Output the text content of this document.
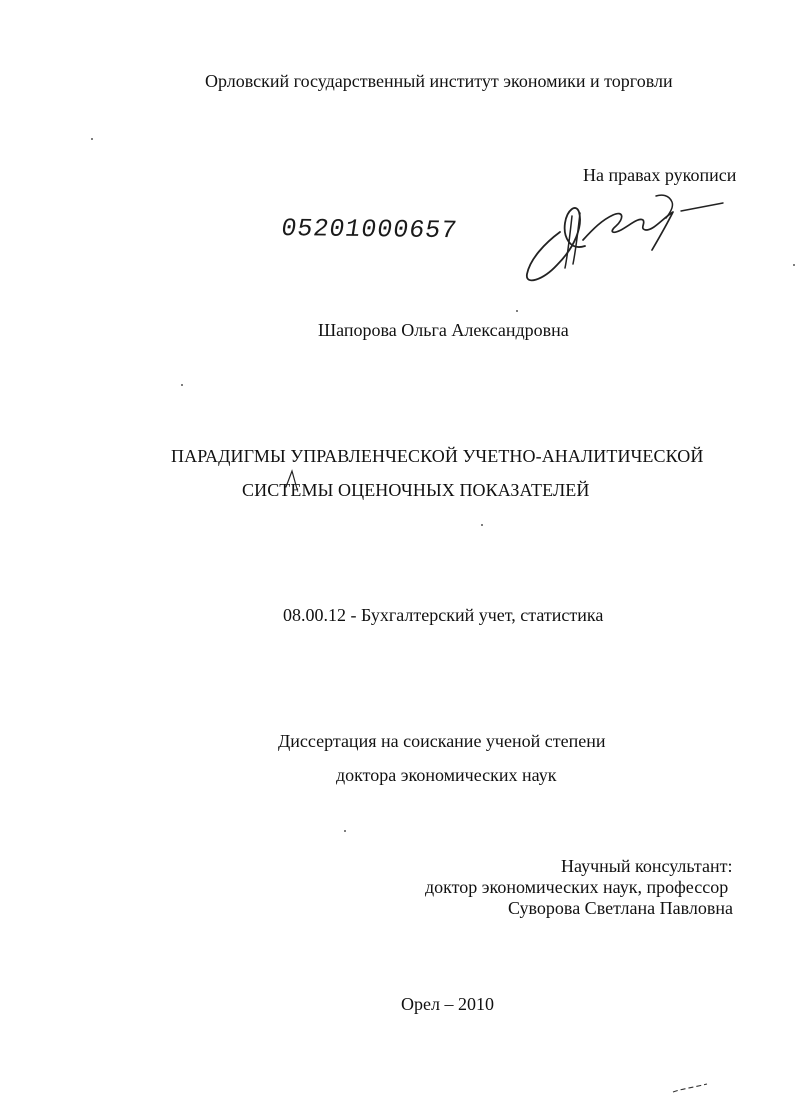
Орловский государственный институт экономики и торговли
На правах рукописи
05201000657
Шапорова Ольга Александровна
ПАРАДИГМЫ УПРАВЛЕНЧЕСКОЙ УЧЕТНО-АНАЛИТИЧЕСКОЙ
СИСТЕМЫ ОЦЕНОЧНЫХ ПОКАЗАТЕЛЕЙ
08.00.12 - Бухгалтерский учет, статистика
Диссертация на соискание ученой степени
доктора экономических наук
Научный консультант:
доктор экономических наук, профессор
Суворова Светлана Павловна
Орел – 2010
